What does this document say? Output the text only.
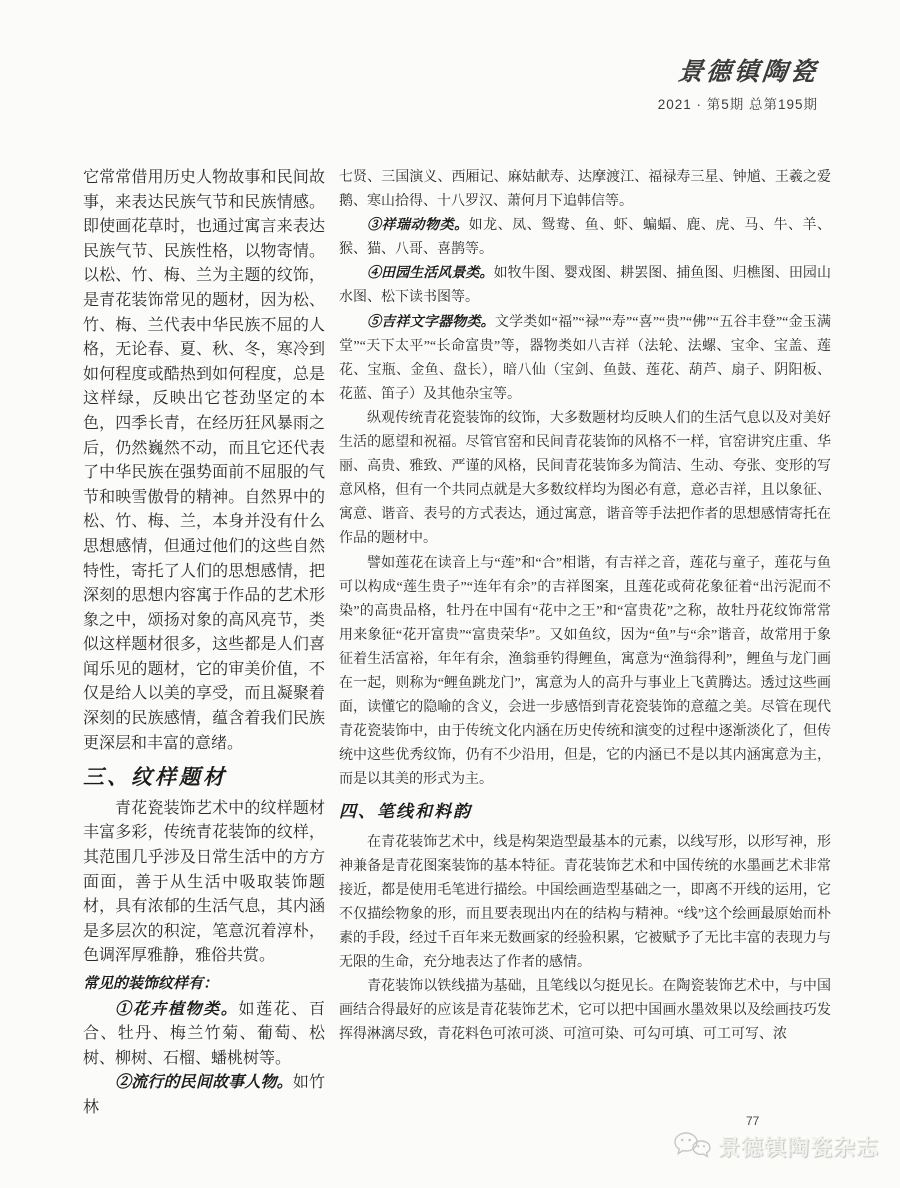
景德镇陶瓷
2021 · 第5期 总第195期

它常常借用历史人物故事和民间故事，来表达民族气节和民族情感。即使画花草时，也通过寓言来表达民族气节、民族性格，以物寄情。以松、竹、梅、兰为主题的纹饰，是青花装饰常见的题材，因为松、竹、梅、兰代表中华民族不屈的人格，无论春、夏、秋、冬，寒冷到如何程度或酷热到如何程度，总是这样绿，反映出它苍劲坚定的本色，四季长青，在经历狂风暴雨之后，仍然巍然不动，而且它还代表了中华民族在强势面前不屈服的气节和映雪傲骨的精神。自然界中的松、竹、梅、兰，本身并没有什么思想感情，但通过他们的这些自然特性，寄托了人们的思想感情，把深刻的思想内容寓于作品的艺术形象之中，颂扬对象的高风亮节，类似这样题材很多，这些都是人们喜闻乐见的题材，它的审美价值，不仅是给人以美的享受，而且凝聚着深刻的民族感情，蕴含着我们民族更深层和丰富的意绪。

三、纹样题材

青花瓷装饰艺术中的纹样题材丰富多彩，传统青花装饰的纹样，其范围几乎涉及日常生活中的方方面面，善于从生活中吸取装饰题材，具有浓郁的生活气息，其内涵是多层次的积淀，笔意沉着淳朴，色调浑厚雅静，雅俗共赏。

常见的装饰纹样有：

①花卉植物类。如莲花、百合、牡丹、梅兰竹菊、葡萄、松树、柳树、石榴、蟠桃树等。

②流行的民间故事人物。如竹林

七贤、三国演义、西厢记、麻姑献寿、达摩渡江、福禄寿三星、钟馗、王羲之爱鹅、寒山拾得、十八罗汉、萧何月下追韩信等。

③祥瑞动物类。如龙、凤、鸳鸯、鱼、虾、蝙蝠、鹿、虎、马、牛、羊、猴、猫、八哥、喜鹊等。

④田园生活风景类。如牧牛图、婴戏图、耕罢图、捕鱼图、归樵图、田园山水图、松下读书图等。

⑤吉祥文字器物类。文学类如“福”“禄”“寿”“喜”“贵”“佛”“五谷丰登”“金玉满堂”“天下太平”“长命富贵”等，器物类如八吉祥（法轮、法螺、宝伞、宝盖、莲花、宝瓶、金鱼、盘长），暗八仙（宝剑、鱼鼓、莲花、葫芦、扇子、阴阳板、花蓝、笛子）及其他杂宝等。

纵观传统青花瓷装饰的纹饰，大多数题材均反映人们的生活气息以及对美好生活的愿望和祝福。尽管官窑和民间青花装饰的风格不一样，官窑讲究庄重、华丽、高贵、雅致、严谨的风格，民间青花装饰多为简洁、生动、夸张、变形的写意风格，但有一个共同点就是大多数纹样均为图必有意，意必吉祥，且以象征、寓意、谐音、表号的方式表达，通过寓意，谐音等手法把作者的思想感情寄托在作品的题材中。

譬如莲花在读音上与“莲”和“合”相谐，有吉祥之音，莲花与童子，莲花与鱼可以构成“莲生贵子”“连年有余”的吉祥图案，且莲花或荷花象征着“出污泥而不染”的高贵品格，牡丹在中国有“花中之王”和“富贵花”之称，故牡丹花纹饰常常用来象征“花开富贵”“富贵荣华”。又如鱼纹，因为“鱼”与“余”谐音，故常用于象征着生活富裕，年年有余，渔翁垂钓得鲤鱼，寓意为“渔翁得利”，鲤鱼与龙门画在一起，则称为“鲤鱼跳龙门”，寓意为人的高升与事业上飞黄腾达。透过这些画面，读懂它的隐喻的含义，会进一步感悟到青花瓷装饰的意蕴之美。尽管在现代青花瓷装饰中，由于传统文化内涵在历史传统和演变的过程中逐渐淡化了，但传统中这些优秀纹饰，仍有不少沿用，但是，它的内涵已不是以其内涵寓意为主，而是以其美的形式为主。

四、笔线和料韵

在青花装饰艺术中，线是构架造型最基本的元素，以线写形，以形写神，形神兼备是青花图案装饰的基本特征。青花装饰艺术和中国传统的水墨画艺术非常接近，都是使用毛笔进行描绘。中国绘画造型基础之一，即离不开线的运用，它不仅描绘物象的形，而且要表现出内在的结构与精神。“线”这个绘画最原始而朴素的手段，经过千百年来无数画家的经验积累，它被赋予了无比丰富的表现力与无限的生命，充分地表达了作者的感情。

青花装饰以铁线描为基础，且笔线以匀挺见长。在陶瓷装饰艺术中，与中国画结合得最好的应该是青花装饰艺术，它可以把中国画水墨效果以及绘画技巧发挥得淋漓尽致，青花料色可浓可淡、可渲可染、可勾可填、可工可写、浓

77
景德镇陶瓷杂志
